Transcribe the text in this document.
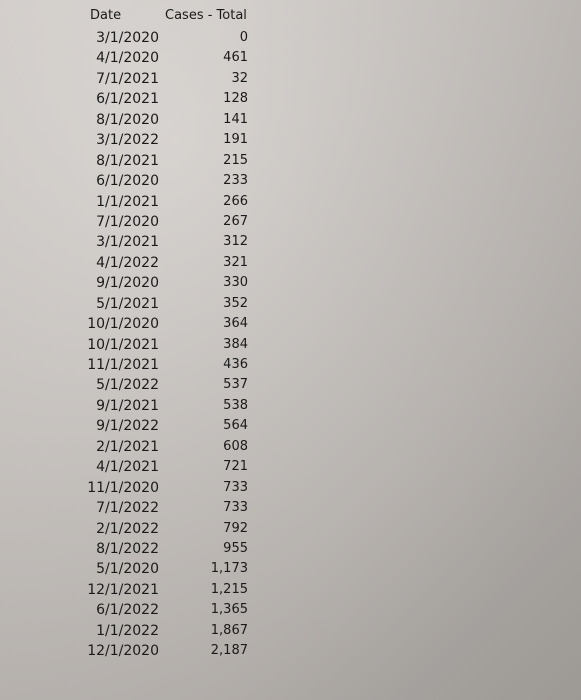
Date	Cases - Total
3/1/2020	0
4/1/2020	461
7/1/2021	32
6/1/2021	128
8/1/2020	141
3/1/2022	191
8/1/2021	215
6/1/2020	233
1/1/2021	266
7/1/2020	267
3/1/2021	312
4/1/2022	321
9/1/2020	330
5/1/2021	352
10/1/2020	364
10/1/2021	384
11/1/2021	436
5/1/2022	537
9/1/2021	538
9/1/2022	564
2/1/2021	608
4/1/2021	721
11/1/2020	733
7/1/2022	733
2/1/2022	792
8/1/2022	955
5/1/2020	1,173
12/1/2021	1,215
6/1/2022	1,365
1/1/2022	1,867
12/1/2020	2,187
